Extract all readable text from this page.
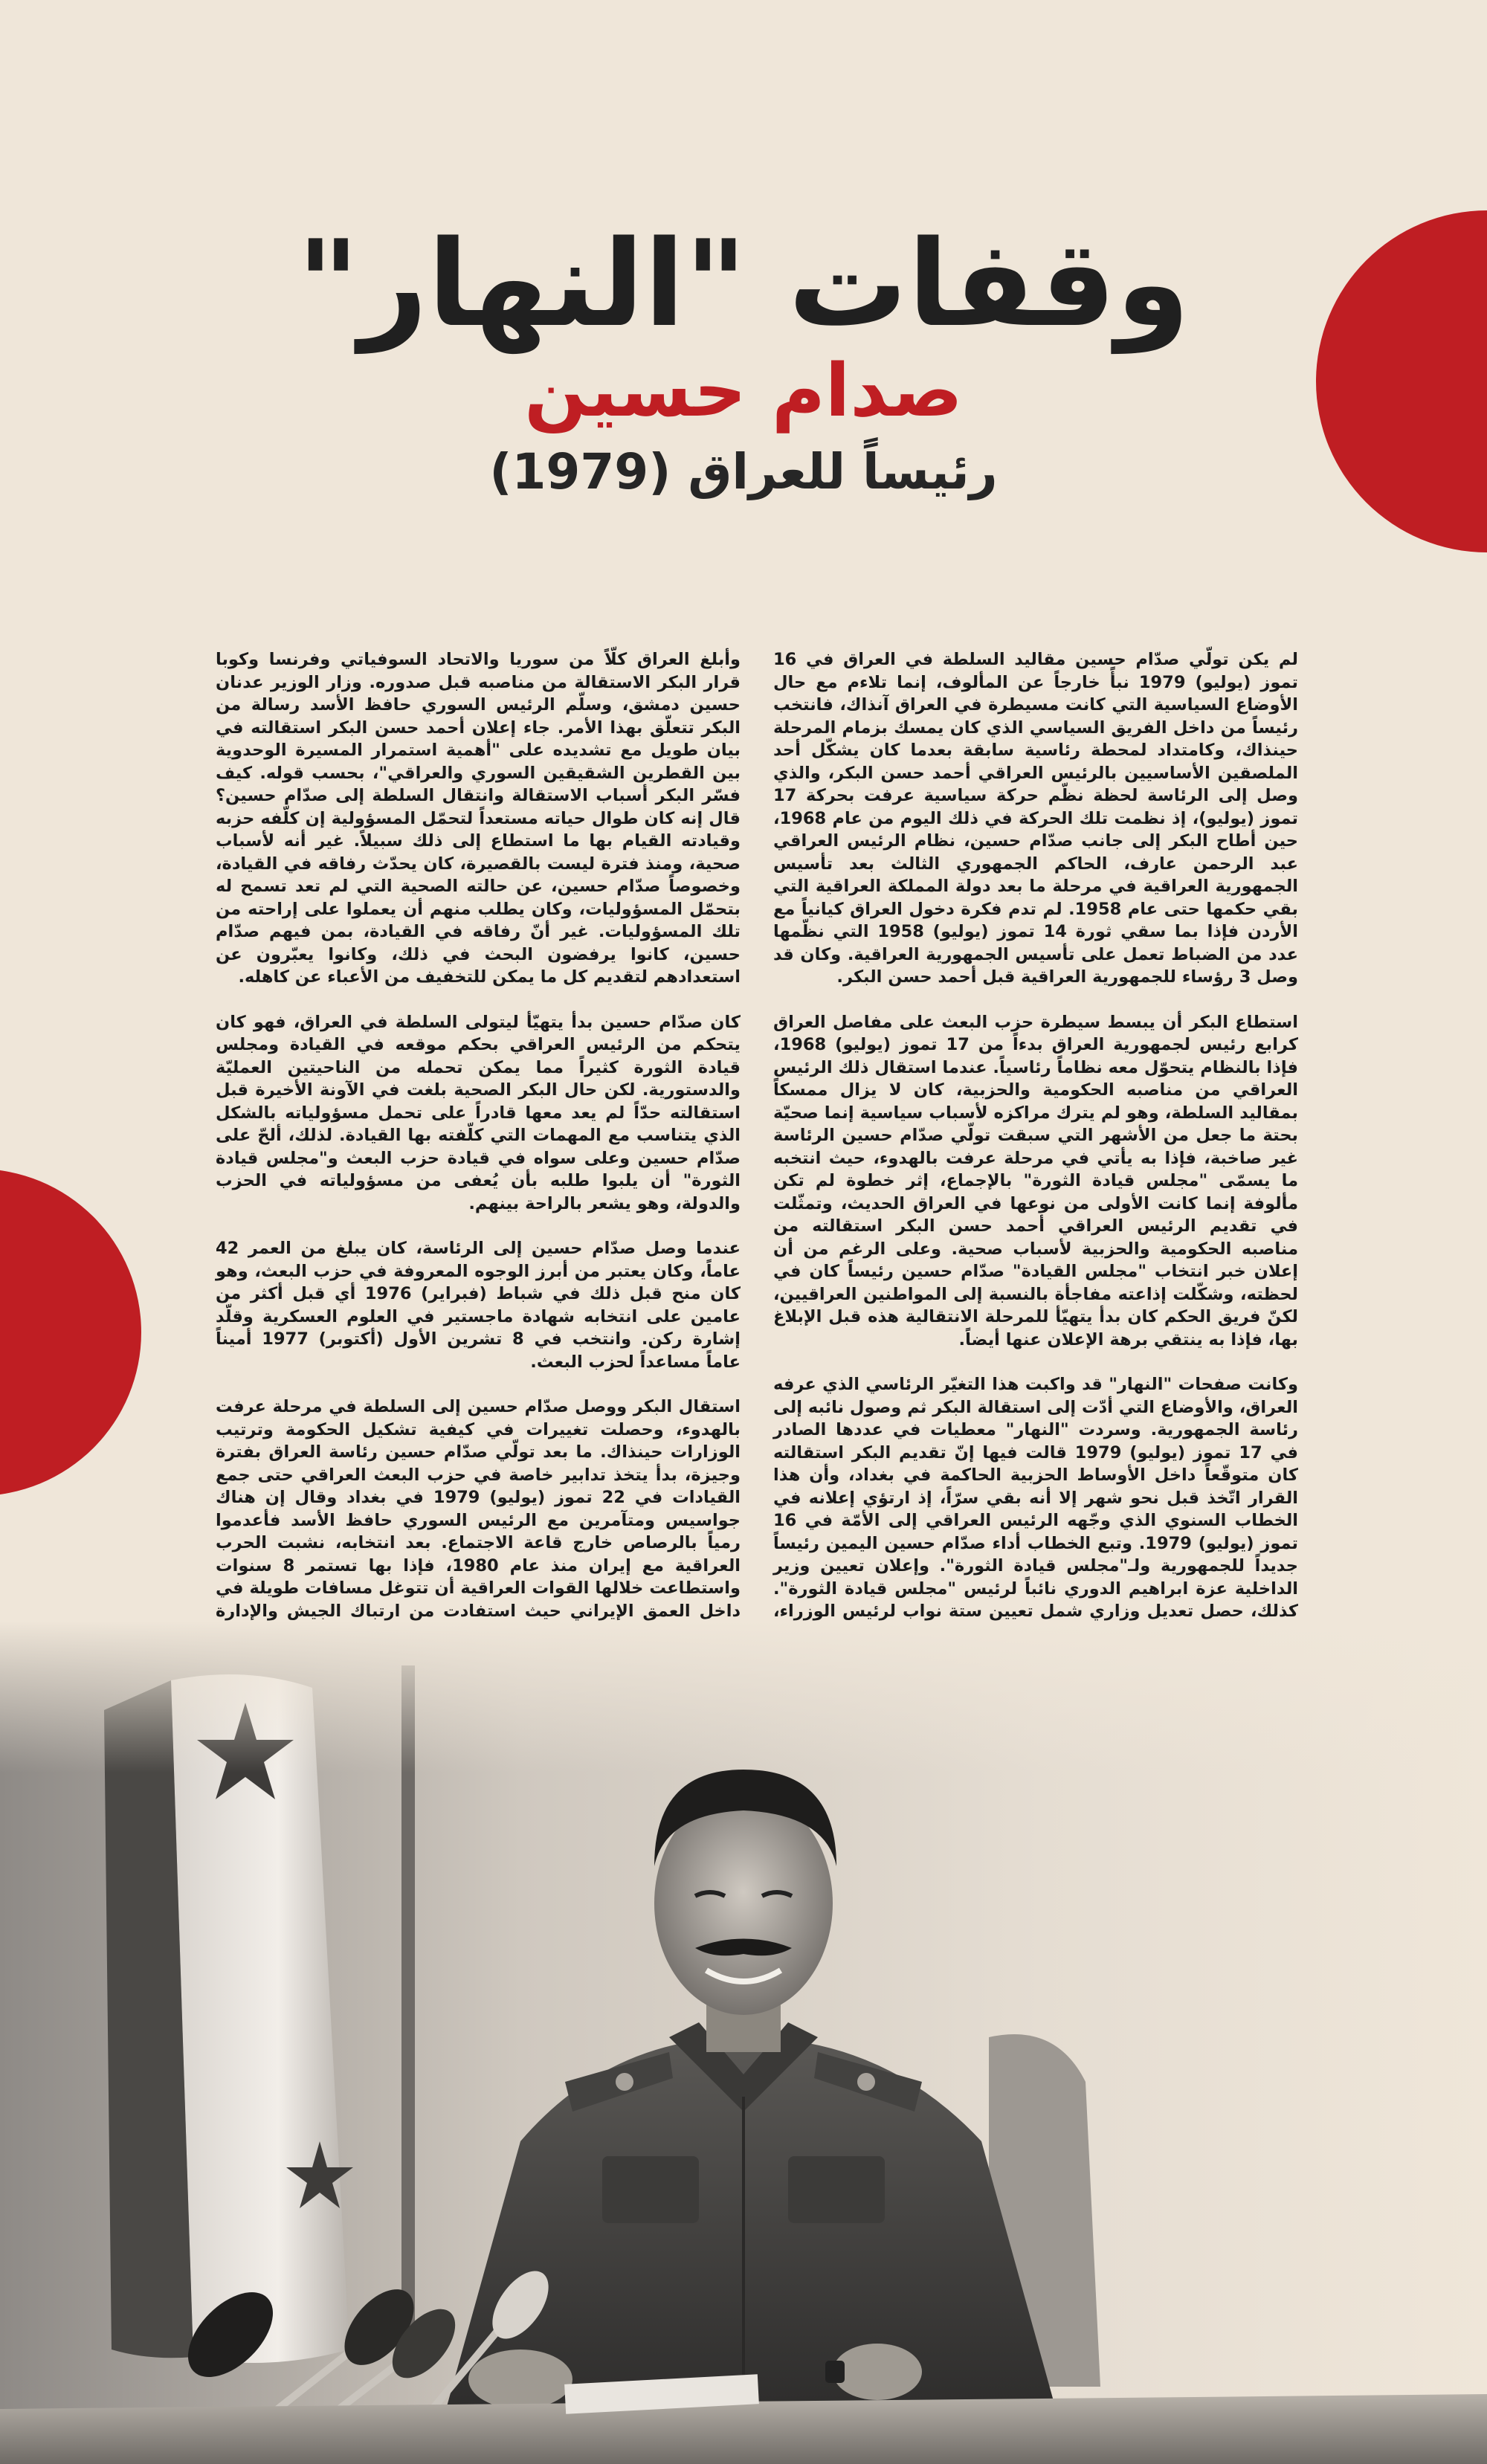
وقفات "النهار"
صدام حسين
رئيساً للعراق (1979)

لم يكن تولّي صدّام حسين مقاليد السلطة في العراق في 16 تموز (يوليو) 1979 نبأً خارجاً عن المألوف، إنما تلاءم مع حال الأوضاع السياسية التي كانت مسيطرة في العراق آنذاك، فانتخب رئيساً من داخل الفريق السياسي الذي كان يمسك بزمام المرحلة حينذاك، وكامتداد لمحطة رئاسية سابقة بعدما كان يشكّل أحد الملصقين الأساسيين بالرئيس العراقي أحمد حسن البكر، والذي وصل إلى الرئاسة لحظة نظّم حركة سياسية عرفت بحركة 17 تموز (يوليو)، إذ نظمت تلك الحركة في ذلك اليوم من عام 1968، حين أطاح البكر إلى جانب صدّام حسين، نظام الرئيس العراقي عبد الرحمن عارف، الحاكم الجمهوري الثالث بعد تأسيس الجمهورية العراقية في مرحلة ما بعد دولة المملكة العراقية التي بقي حكمها حتى عام 1958. لم تدم فكرة دخول العراق كيانياً مع الأردن فإذا بما سقي ثورة 14 تموز (يوليو) 1958 التي نظّمها عدد من الضباط تعمل على تأسيس الجمهورية العراقية. وكان قد وصل 3 رؤساء للجمهورية العراقية قبل أحمد حسن البكر.

استطاع البكر أن يبسط سيطرة حزب البعث على مفاصل العراق كرابع رئيس لجمهورية العراق بدءاً من 17 تموز (يوليو) 1968، فإذا بالنظام يتحوّل معه نظاماً رئاسياً. عندما استقال ذلك الرئيس العراقي من مناصبه الحكومية والحزبية، كان لا يزال ممسكاً بمقاليد السلطة، وهو لم يترك مراكزه لأسباب سياسية إنما صحيّة بحتة ما جعل من الأشهر التي سبقت تولّي صدّام حسين الرئاسة غير صاخبة، فإذا به يأتي في مرحلة عرفت بالهدوء، حيث انتخبه ما يسمّى "مجلس قيادة الثورة" بالإجماع، إثر خطوة لم تكن مألوفة إنما كانت الأولى من نوعها في العراق الحديث، وتمثّلت في تقديم الرئيس العراقي أحمد حسن البكر استقالته من مناصبه الحكومية والحزبية لأسباب صحية. وعلى الرغم من أن إعلان خبر انتخاب "مجلس القيادة" صدّام حسين رئيساً كان في لحظته، وشكّلت إذاعته مفاجأة بالنسبة إلى المواطنين العراقيين، لكنّ فريق الحكم كان بدأ يتهيّأ للمرحلة الانتقالية هذه قبل الإبلاغ بها، فإذا به ينتقي برهة الإعلان عنها أيضاً.

وكانت صفحات "النهار" قد واكبت هذا التغيّر الرئاسي الذي عرفه العراق، والأوضاع التي أدّت إلى استقالة البكر ثم وصول نائبه إلى رئاسة الجمهورية. وسردت "النهار" معطيات في عددها الصادر في 17 تموز (يوليو) 1979 قالت فيها إنّ تقديم البكر استقالته كان متوقّعاً داخل الأوساط الحزبية الحاكمة في بغداد، وأن هذا القرار اتّخذ قبل نحو شهر إلا أنه بقي سرّاً، إذ ارتؤي إعلانه في الخطاب السنوي الذي وجّهه الرئيس العراقي إلى الأمّة في 16 تموز (يوليو) 1979. وتبع الخطاب أداء صدّام حسين اليمين رئيساً جديداً للجمهورية ولـ"مجلس قيادة الثورة". وإعلان تعيين وزير الداخلية عزة ابراهيم الدوري نائباً لرئيس "مجلس قيادة الثورة". كذلك، حصل تعديل وزاري شمل تعيين ستة نواب لرئيس الوزراء،

وأبلغ العراق كلّاً من سوريا والاتحاد السوفياتي وفرنسا وكوبا قرار البكر الاستقالة من مناصبه قبل صدوره. وزار الوزير عدنان حسين دمشق، وسلّم الرئيس السوري حافظ الأسد رسالة من البكر تتعلّق بهذا الأمر. جاء إعلان أحمد حسن البكر استقالته في بيان طويل مع تشديده على "أهمية استمرار المسيرة الوحدوية بين القطرين الشقيقين السوري والعراقي"، بحسب قوله. كيف فسّر البكر أسباب الاستقالة وانتقال السلطة إلى صدّام حسين؟ قال إنه كان طوال حياته مستعداً لتحمّل المسؤولية إن كلّفه حزبه وقيادته القيام بها ما استطاع إلى ذلك سبيلاً. غير أنه لأسباب صحية، ومنذ فترة ليست بالقصيرة، كان يحدّث رفاقه في القيادة، وخصوصاً صدّام حسين، عن حالته الصحية التي لم تعد تسمح له بتحمّل المسؤوليات، وكان يطلب منهم أن يعملوا على إراحته من تلك المسؤوليات. غير أنّ رفاقه في القيادة، بمن فيهم صدّام حسين، كانوا يرفضون البحث في ذلك، وكانوا يعبّرون عن استعدادهم لتقديم كل ما يمكن للتخفيف من الأعباء عن كاهله.

كان صدّام حسين بدأ يتهيّأ ليتولى السلطة في العراق، فهو كان يتحكم من الرئيس العراقي بحكم موقعه في القيادة ومجلس قيادة الثورة كثيراً مما يمكن تحمله من الناحيتين العمليّة والدستورية. لكن حال البكر الصحية بلغت في الآونة الأخيرة قبل استقالته حدّاً لم يعد معها قادراً على تحمل مسؤولياته بالشكل الذي يتناسب مع المهمات التي كلّفته بها القيادة. لذلك، ألحّ على صدّام حسين وعلى سواه في قيادة حزب البعث و"مجلس قيادة الثورة" أن يلبوا طلبه بأن يُعفى من مسؤولياته في الحزب والدولة، وهو يشعر بالراحة بينهم.

عندما وصل صدّام حسين إلى الرئاسة، كان يبلغ من العمر 42 عاماً، وكان يعتبر من أبرز الوجوه المعروفة في حزب البعث، وهو كان منح قبل ذلك في شباط (فبراير) 1976 أي قبل أكثر من عامين على انتخابه شهادة ماجستير في العلوم العسكرية وقلّد إشارة ركن. وانتخب في 8 تشرين الأول (أكتوبر) 1977 أميناً عاماً مساعداً لحزب البعث.

استقال البكر ووصل صدّام حسين إلى السلطة في مرحلة عرفت بالهدوء، وحصلت تغييرات في كيفية تشكيل الحكومة وترتيب الوزارات حينذاك. ما بعد تولّي صدّام حسين رئاسة العراق بفترة وجيزة، بدأ يتخذ تدابير خاصة في حزب البعث العراقي حتى جمع القيادات في 22 تموز (يوليو) 1979 في بغداد وقال إن هناك جواسيس ومتآمرين مع الرئيس السوري حافظ الأسد فأعدموا رمياً بالرصاص خارج قاعة الاجتماع. بعد انتخابه، نشبت الحرب العراقية مع إيران منذ عام 1980، فإذا بها تستمر 8 سنوات واستطاعت خلالها القوات العراقية أن تتوغل مسافات طويلة في داخل العمق الإيراني حيث استفادت من ارتباك الجيش والإدارة
